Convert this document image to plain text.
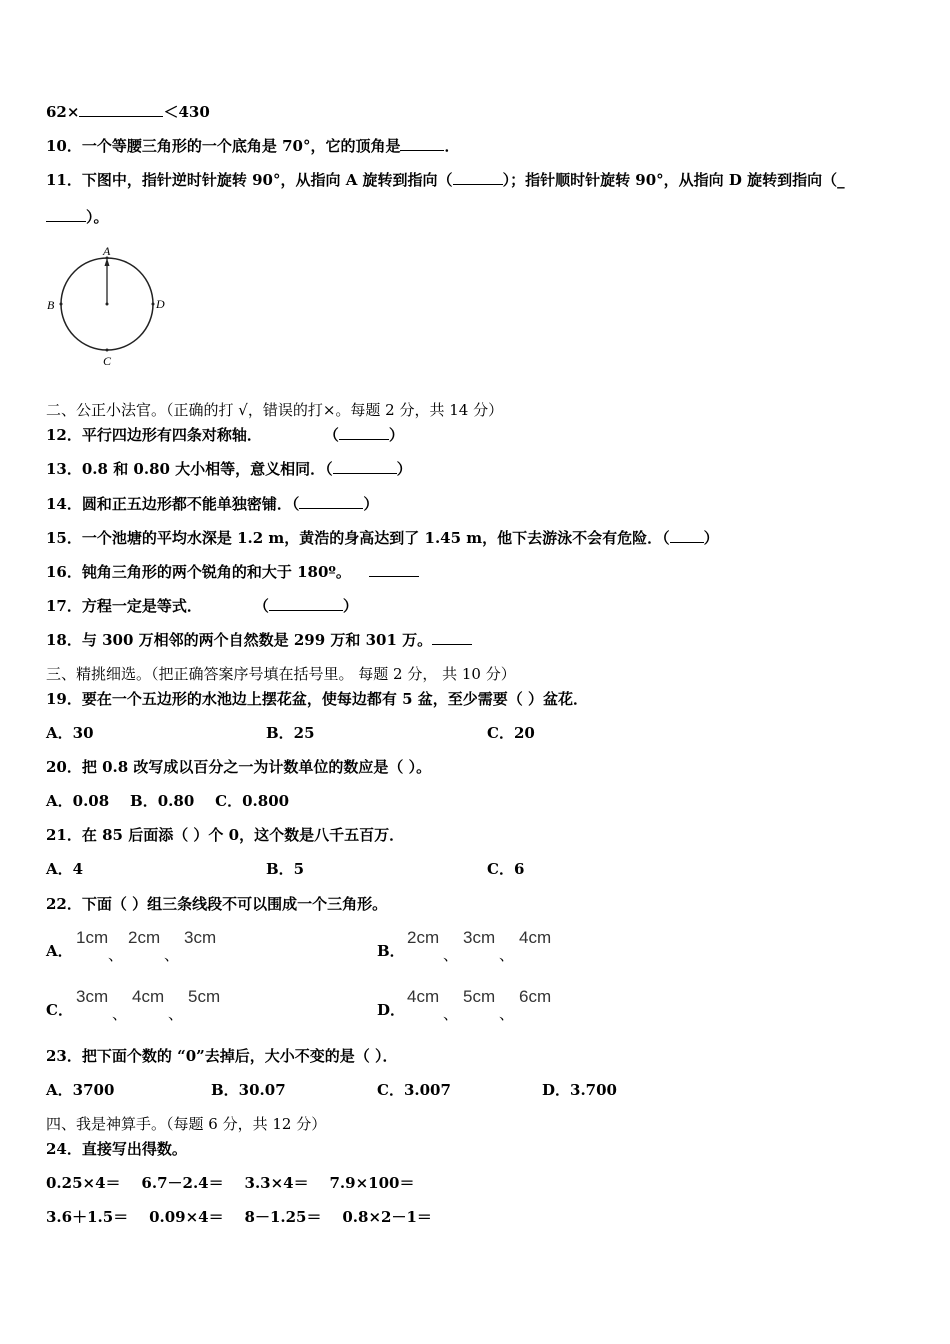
62×	＜430
10．一个等腰三角形的一个底角是 70°，它的顶角是	．
11．下图中，指针逆时针旋转 90°，从指向 A 旋转到指向（	）；指针顺时针旋转 90°，从指向 D 旋转到指向（_
）。
A
B
C
D
二、公正小法官。（正确的打 √，错误的打×。每题 2 分，共 14 分）
12．平行四边形有四条对称轴．	（	）
13．0.8 和 0.80 大小相等，意义相同．（	）
14．圆和正五边形都不能单独密铺．（	）
15．一个池塘的平均水深是 1.2 m，黄浩的身高达到了 1.45 m，他下去游泳不会有危险．（ ）
16．钝角三角形的两个锐角的和大于 180º。
17．方程一定是等式．	（	）
18．与 300 万相邻的两个自然数是 299 万和 301 万。
三、精挑细选。（把正确答案序号填在括号里。 每题 2 分， 共 10 分）
19．要在一个五边形的水池边上摆花盆，使每边都有 5 盆，至少需要（ ）盆花．
A．30	B．25	C．20
20．把 0.8 改写成以百分之一为计数单位的数应是（ ）。
A．0.08    B．0.80    C．0.800
21．在 85 后面添（ ）个 0，这个数是八千五百万．
A．4	B．5	C．6
22．下面（ ）组三条线段不可以围成一个三角形。
A．
1cm
、
2cm
、
3cm
B．
2cm
、
3cm
、
4cm
C．
3cm
、
4cm
、
5cm
D．
4cm
、
5cm
、
6cm
23．把下面个数的 “0”去掉后，大小不变的是（ ）．
A．3700	B．30.07	C．3.007	D．3.700
四、我是神算手。（每题 6 分，共 12 分）
24．直接写出得数。
0.25×4＝    6.7－2.4＝    3.3×4＝    7.9×100＝
3.6＋1.5＝    0.09×4＝    8－1.25＝    0.8×2－1＝
